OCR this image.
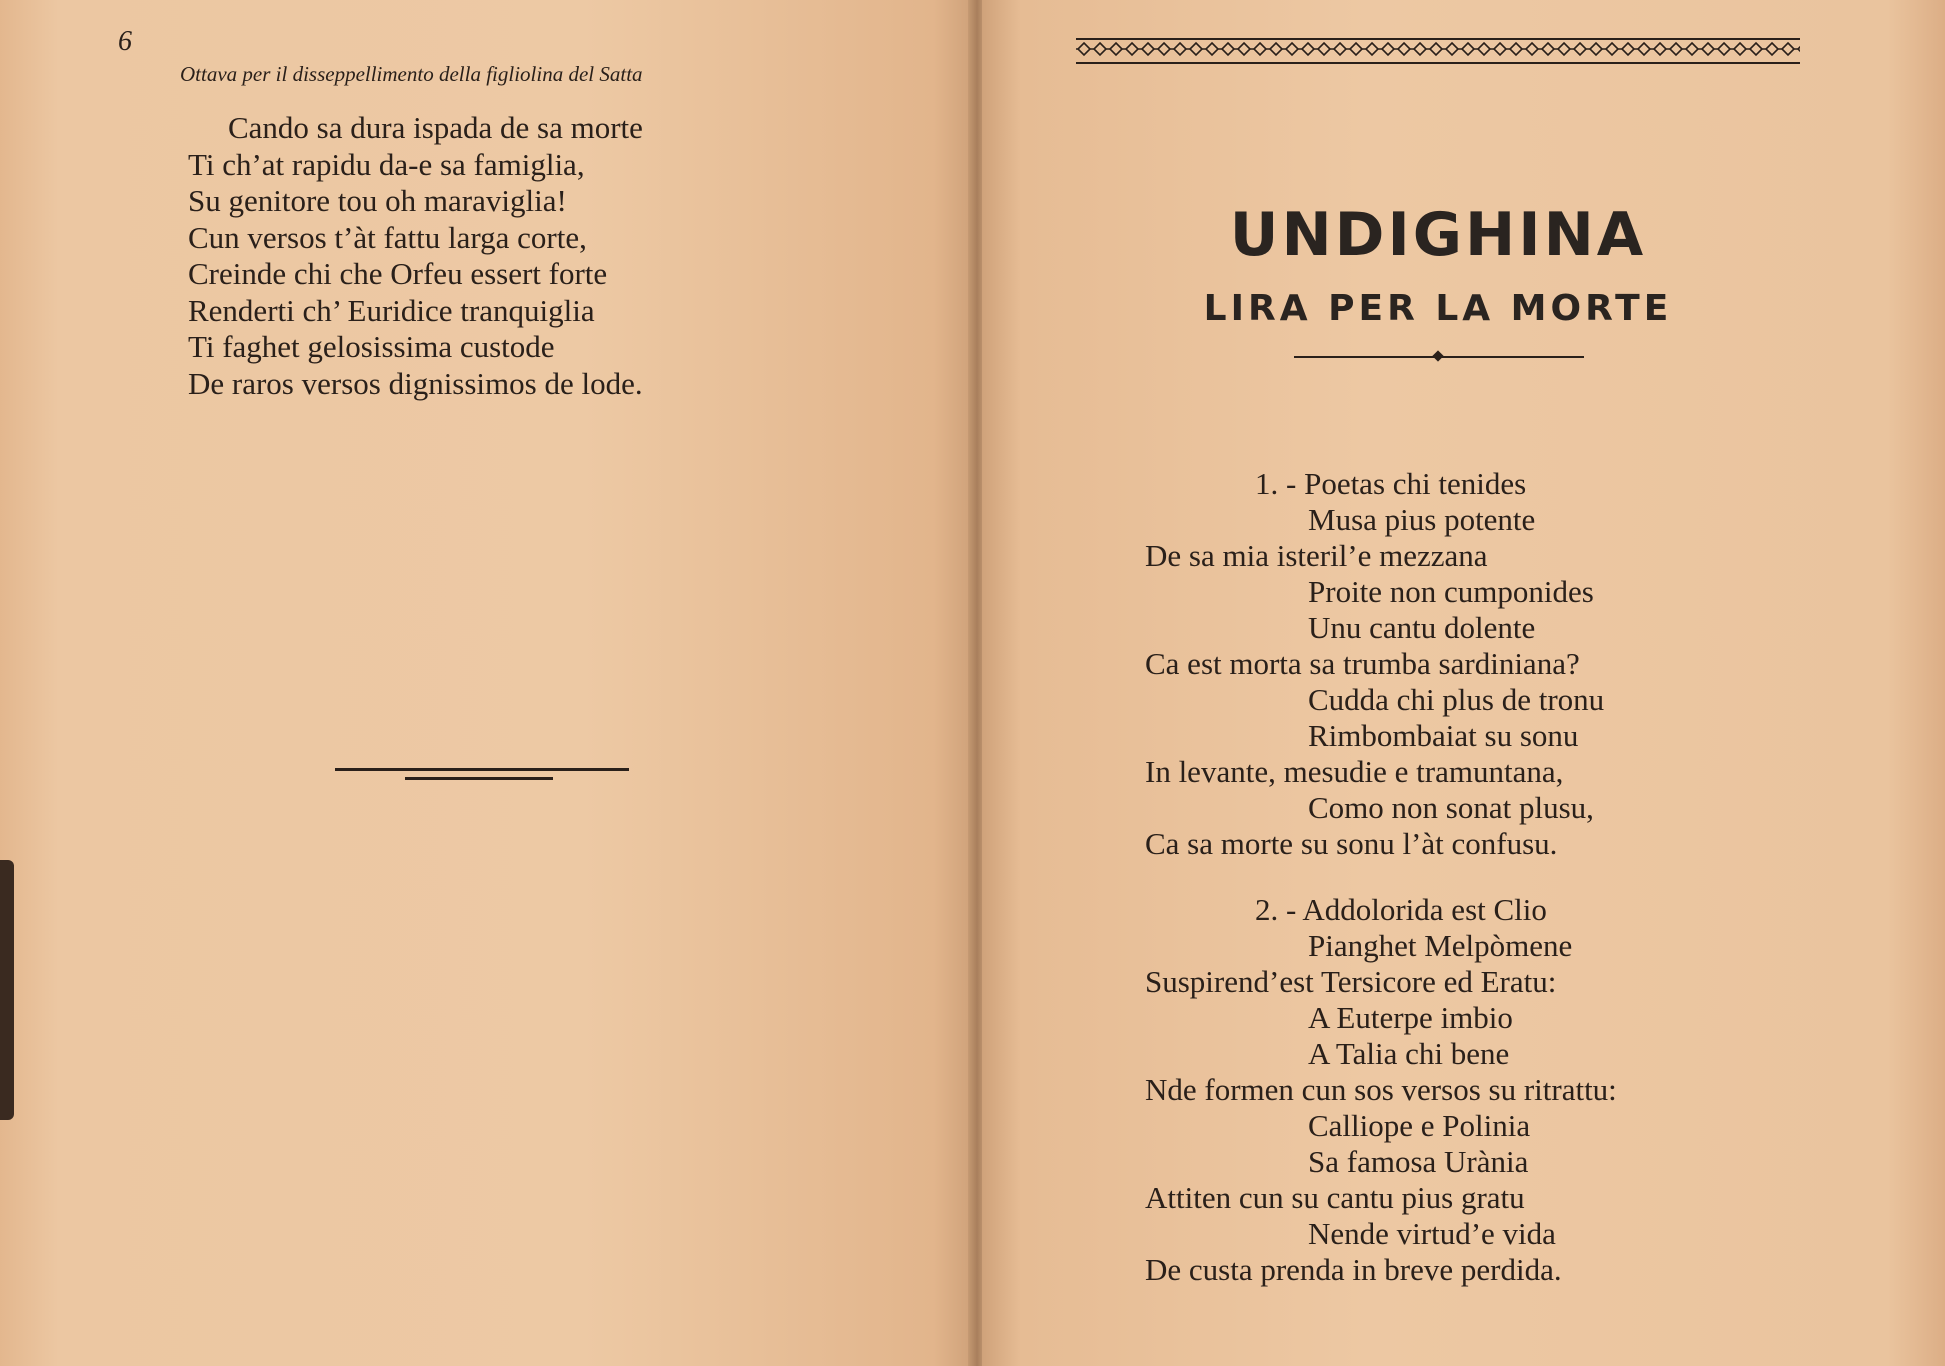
6
Ottava per il disseppellimento della figliolina del Satta
Cando sa dura ispada de sa morte
Ti ch’at rapidu da-e sa famiglia,
Su genitore tou oh maraviglia!
Cun versos t’àt fattu larga corte,
Creinde chi che Orfeu essert forte
Renderti ch’ Euridice tranquiglia
Ti faghet gelosissima custode
De raros versos dignissimos de lode.
UNDIGHINA
LIRA PER LA MORTE
1. - Poetas chi tenides
Musa pius potente
De sa mia isteril’e mezzana
Proite non cumponides
Unu cantu dolente
Ca est morta sa trumba sardiniana?
Cudda chi plus de tronu
Rimbombaiat su sonu
In levante, mesudie e tramuntana,
Como non sonat plusu,
Ca sa morte su sonu l’àt confusu.
2. - Addolorida est Clio
Pianghet Melpòmene
Suspirend’est Tersicore ed Eratu:
A Euterpe imbio
A Talia chi bene
Nde formen cun sos versos su ritrattu:
Calliope e Polinia
Sa famosa Urània
Attiten cun su cantu pius gratu
Nende virtud’e vida
De custa prenda in breve perdida.
